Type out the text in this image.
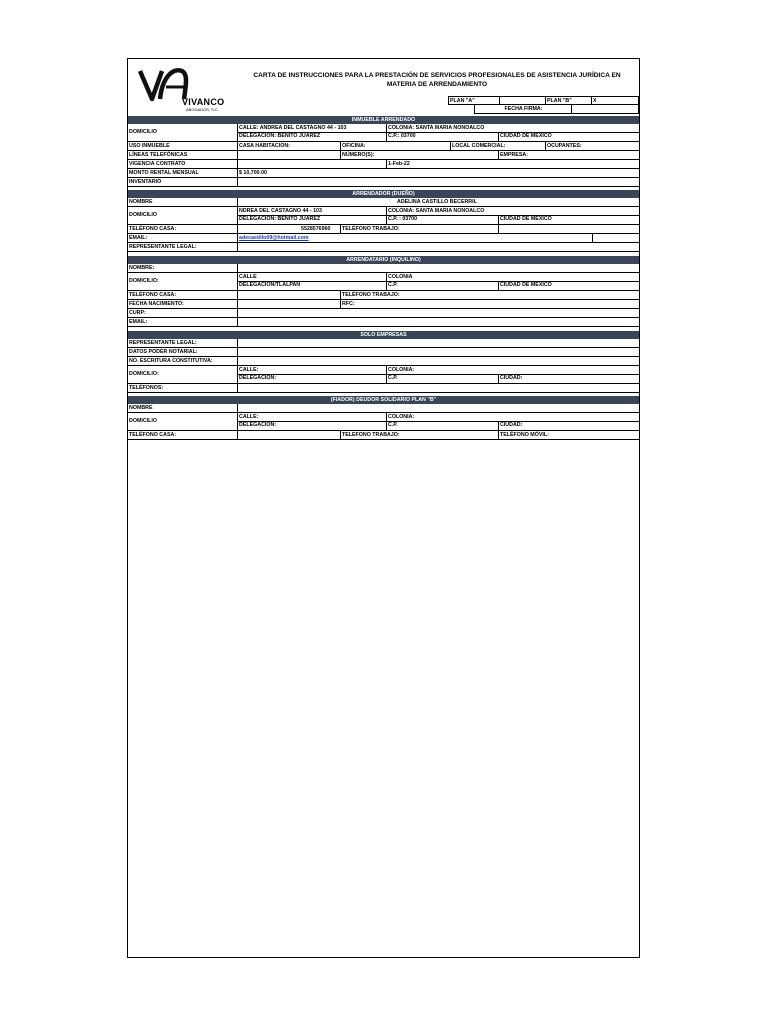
VIVANCO
ABOGADOS, S.C.
CARTA DE INSTRUCCIONES PARA LA PRESTACIÓN DE SERVICIOS PROFESIONALES DE ASISTENCIA JURÍDICA EN
MATERIA DE ARRENDAMIENTO
PLAN "A"	PLAN "B"	X
FECHA FIRMA:
INMUEBLE ARRENDADO
DOMICILIO
CALLE: ANDREA DEL CASTAGNO 44 - 103	COLONIA: SANTA MARIA NONOALCO
DELEGACION: BENITO JUAREZ	C.P.: 03700	CIUDAD DE MEXICO
USO INMUEBLE	CASA HABITACION:	OFICINA:	LOCAL COMERCIAL:	OCUPANTES:
LÍNEAS TELEFÓNICAS	NÚMERO(S):	EMPRESA:
VIGENCIA CONTRATO	1-Feb-22
MONTO RENTAL MENSUAL	$ 10,700.00
INVENTARIO
ARRENDADOR (DUEÑO)
NOMBRE	ADELINA CASTILLO BECERRIL
DOMICILIO
NDREA DEL CASTAGNO 44 - 103	COLONIA: SANTA MARIA NONOALCO
DELEGACION: BENITO JUAREZ	C.P. : 03700	CIUDAD DE MEXICO
TELÉFONO CASA:	5528576960 TELÉFONO TRABAJO:
EMAIL:	adecastillo09@hotmail.com
REPRESENTANTE LEGAL:
ARRENDATARIO (INQUILINO)
NOMBRE:
DOMICILIO:
CALLE	COLONIA
DELEGACION/TLALPAN	C.P.	CIUDAD DE MEXICO
TELÉFONO CASA:	TELÉFONO TRABAJO:
FECHA NACIMIENTO:	RFC:
CURP:
EMAIL:
SOLO EMPRESAS
REPRESENTANTE LEGAL:
DATOS PODER NOTARIAL:
NO. ESCRITURA CONSTITUTIVA:
DOMICILIO:
CALLE:	COLONIA:
DELEGACIÓN:	C.P.	CIUDAD:
TELÉFONOS:
(FIADOR) DEUDOR SOLIDARIO PLAN "B"
NOMBRE
DOMICILIO
CALLE:	COLONIA:
DELEGACIÓN:	C.P.	CIUDAD:
TELÉFONO CASA:	TELEFONO TRABAJO:	TELÉFONO MÓVIL:
